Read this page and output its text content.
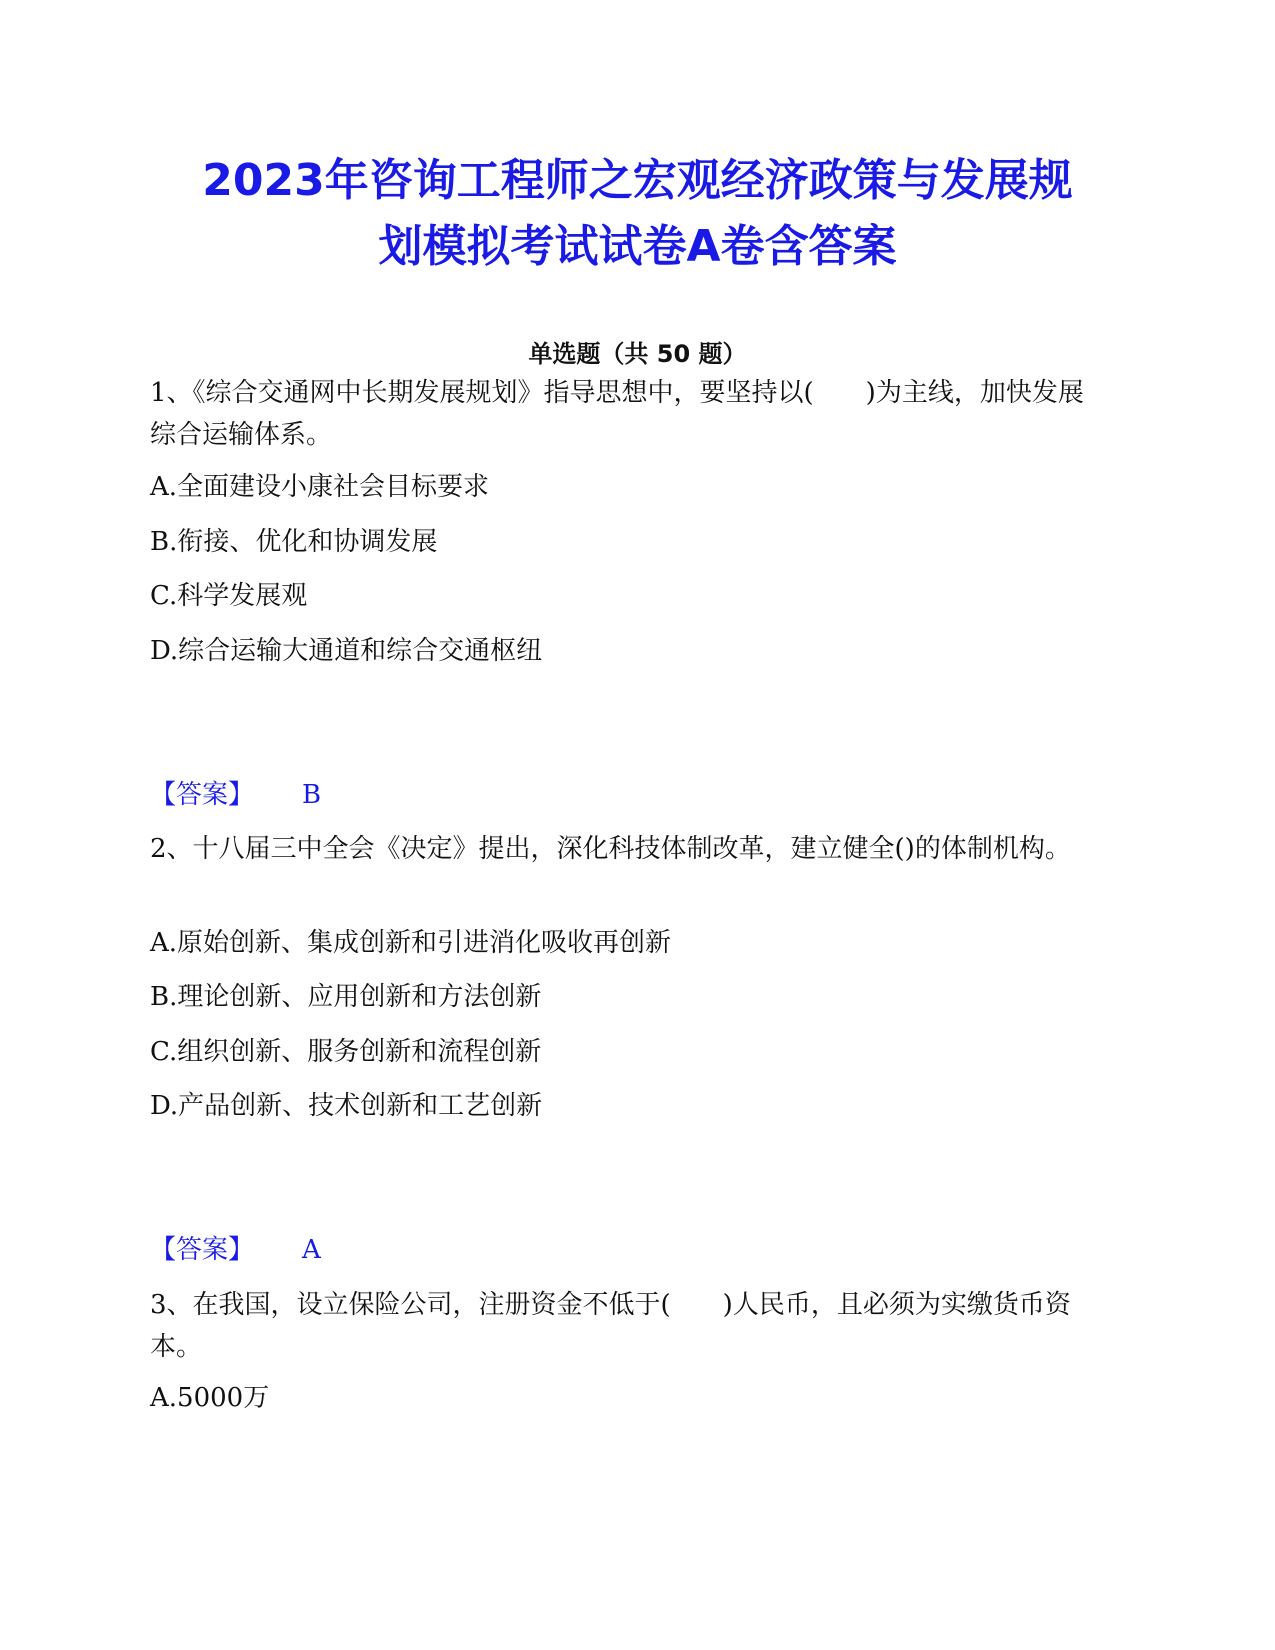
2023年咨询工程师之宏观经济政策与发展规
划模拟考试试卷A卷含答案
单选题（共 50 题）

1、《综合交通网中长期发展规划》指导思想中，要坚持以(　　)为主线，加快发展综合运输体系。

A.全面建设小康社会目标要求
B.衔接、优化和协调发展
C.科学发展观
D.综合运输大通道和综合交通枢纽
【答案】 B

2、十八届三中全会《决定》提出，深化科技体制改革，建立健全()的体制机构。

A.原始创新、集成创新和引进消化吸收再创新
B.理论创新、应用创新和方法创新
C.组织创新、服务创新和流程创新
D.产品创新、技术创新和工艺创新
【答案】 A

3、在我国，设立保险公司，注册资金不低于(　　)人民币，且必须为实缴货币资本。

A.5000万
